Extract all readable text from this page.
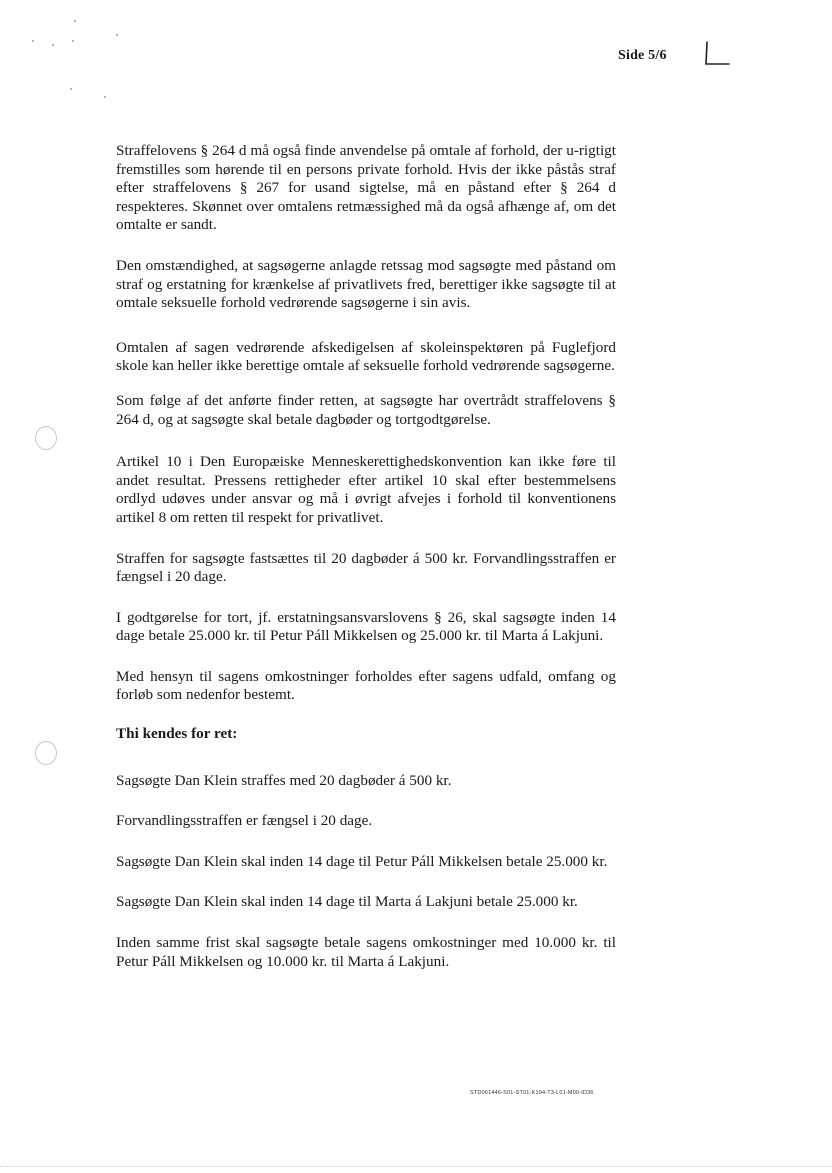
Side 5/6

Straffelovens § 264 d må også finde anvendelse på omtale af forhold, der u-rigtigt fremstilles som hørende til en persons private forhold. Hvis der ikke påstås straf efter straffelovens § 267 for usand sigtelse, må en påstand efter § 264 d respekteres. Skønnet over omtalens retmæssighed må da også afhænge af, om det omtalte er sandt.

Den omstændighed, at sagsøgerne anlagde retssag mod sagsøgte med påstand om straf og erstatning for krænkelse af privatlivets fred, berettiger ikke sagsøgte til at omtale seksuelle forhold vedrørende sagsøgerne i sin avis.

Omtalen af sagen vedrørende afskedigelsen af skoleinspektøren på Fuglefjord skole kan heller ikke berettige omtale af seksuelle forhold vedrørende sagsøgerne.

Som følge af det anførte finder retten, at sagsøgte har overtrådt straffelovens § 264 d, og at sagsøgte skal betale dagbøder og tortgodtgørelse.

Artikel 10 i Den Europæiske Menneskerettighedskonvention kan ikke føre til andet resultat. Pressens rettigheder efter artikel 10 skal efter bestemmelsens ordlyd udøves under ansvar og må i øvrigt afvejes i forhold til konventionens artikel 8 om retten til respekt for privatlivet.

Straffen for sagsøgte fastsættes til 20 dagbøder á 500 kr. Forvandlingsstraffen er fængsel i 20 dage.

I godtgørelse for tort, jf. erstatningsansvarslovens § 26, skal sagsøgte inden 14 dage betale 25.000 kr. til Petur Páll Mikkelsen og 25.000 kr. til Marta á Lakjuni.

Med hensyn til sagens omkostninger forholdes efter sagens udfald, omfang og forløb som nedenfor bestemt.

Thi kendes for ret:

Sagsøgte Dan Klein straffes med 20 dagbøder á 500 kr.

Forvandlingsstraffen er fængsel i 20 dage.

Sagsøgte Dan Klein skal inden 14 dage til Petur Páll Mikkelsen betale 25.000 kr.

Sagsøgte Dan Klein skal inden 14 dage til Marta á Lakjuni betale 25.000 kr.

Inden samme frist skal sagsøgte betale sagens omkostninger med 10.000 kr. til Petur Páll Mikkelsen og 10.000 kr. til Marta á Lakjuni.

STD061446-S01-ST01-K194-T3-L01-M00-ID36
